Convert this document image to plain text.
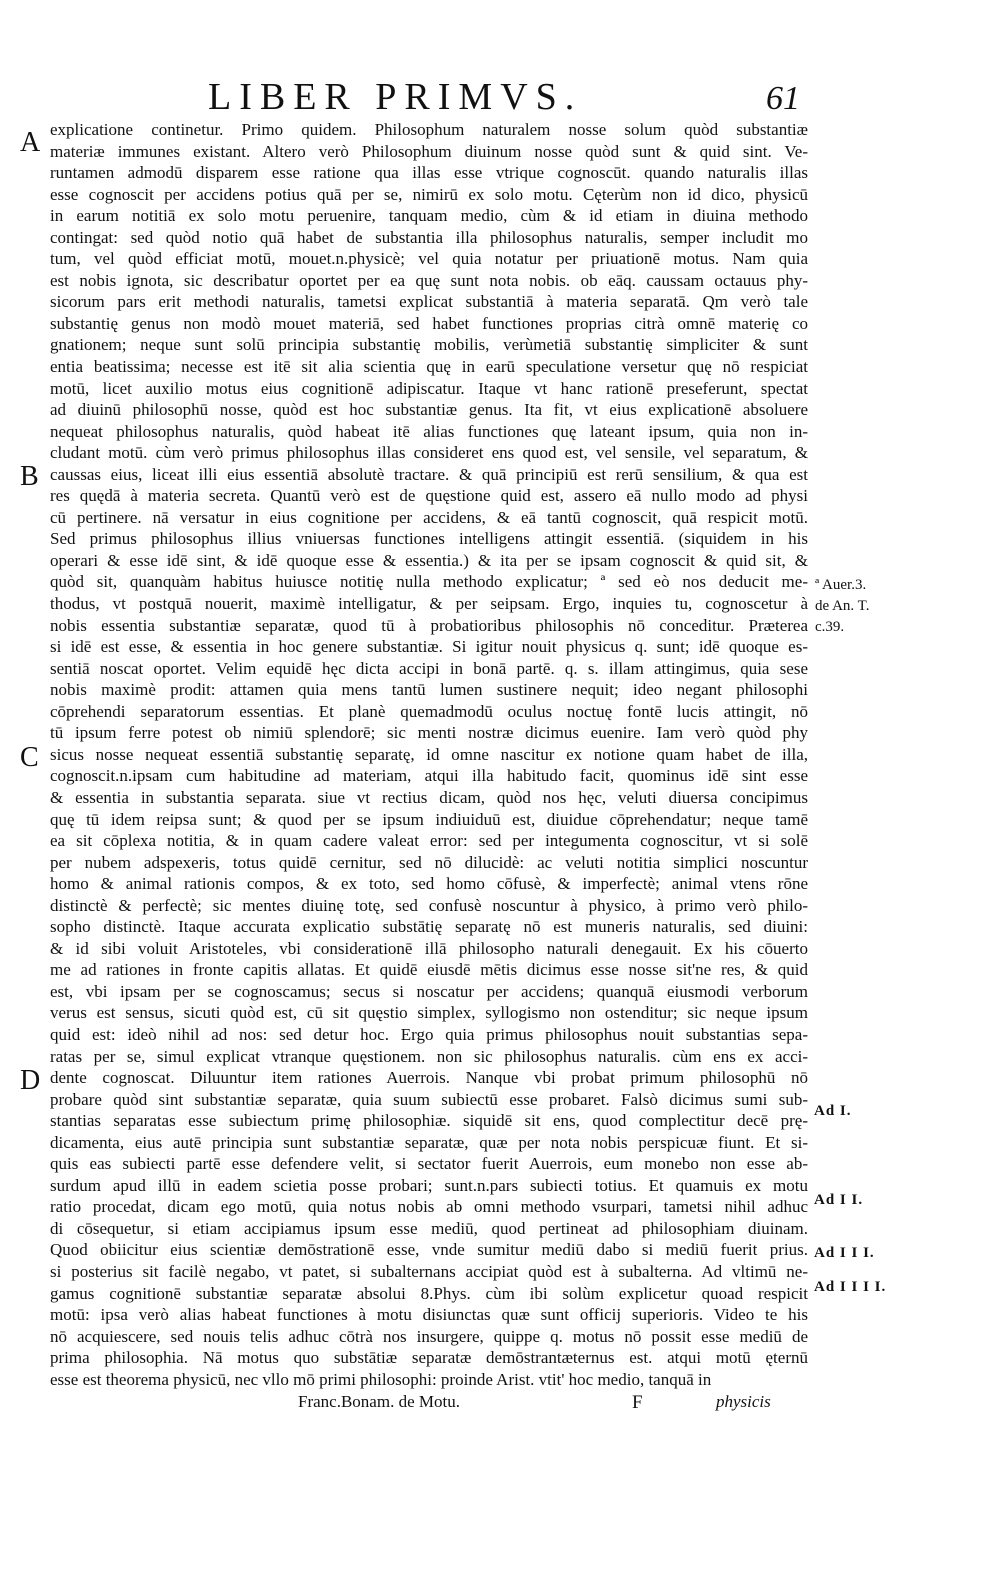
LIBER PRIMVS.	61
A
B
C
D
ª Auer.3.
de An. T.
c.39.
Ad I.
Ad I I.
Ad I I I.
Ad I I I I.
explicatione continetur. Primo quidem. Philosophum naturalem nosse solum quòd substantiæ
materiæ immunes existant. Altero verò Philosophum diuinum nosse quòd sunt & quid sint. Ve-
runtamen admodū disparem esse ratione qua illas esse vtrique cognoscūt. quando naturalis illas
esse cognoscit per accidens potius quā per se, nimirū ex solo motu. Cęterùm non id dico, physicū
in earum notitiā ex solo motu peruenire, tanquam medio, cùm & id etiam in diuina methodo
contingat: sed quòd notio quā habet de substantia illa philosophus naturalis, semper includit mo
tum, vel quòd efficiat motū, mouet.n.physicè; vel quia notatur per priuationē motus. Nam quia
est nobis ignota, sic describatur oportet per ea quę sunt nota nobis. ob eāq. caussam octauus phy-
sicorum pars erit methodi naturalis, tametsi explicat substantiā à materia separatā. Qm verò tale
substantię genus non modò mouet materiā, sed habet functiones proprias citrà omnē materię co
gnationem; neque sunt solū principia substantię mobilis, verùmetiā substantię simpliciter & sunt
entia beatissima; necesse est itē sit alia scientia quę in earū speculatione versetur quę nō respiciat
motū, licet auxilio motus eius cognitionē adipiscatur. Itaque vt hanc rationē preseferunt, spectat
ad diuinū philosophū nosse, quòd est hoc substantiæ genus. Ita fit, vt eius explicationē absoluere
nequeat philosophus naturalis, quòd habeat itē alias functiones quę lateant ipsum, quia non in-
cludant motū. cùm verò primus philosophus illas consideret ens quod est, vel sensile, vel separatum, &
caussas eius, liceat illi eius essentiā absolutè tractare. & quā principiū est rerū sensilium, & qua est
res quędā à materia secreta. Quantū verò est de quęstione quid est, assero eā nullo modo ad physi
cū pertinere. nā versatur in eius cognitione per accidens, & eā tantū cognoscit, quā respicit motū.
Sed primus philosophus illius vniuersas functiones intelligens attingit essentiā. (siquidem in his
operari & esse idē sint, & idē quoque esse & essentia.) & ita per se ipsam cognoscit & quid sit, &
quòd sit, quanquàm habitus huiusce notitię nulla methodo explicatur; ª sed eò nos deducit me-
thodus, vt postquā nouerit, maximè intelligatur, & per seipsam. Ergo, inquies tu, cognoscetur à
nobis essentia substantiæ separatæ, quod tū à probatioribus philosophis nō conceditur. Præterea
si idē est esse, & essentia in hoc genere substantiæ. Si igitur nouit physicus q. sunt; idē quoque es-
sentiā noscat oportet. Velim equidē hęc dicta accipi in bonā partē. q. s. illam attingimus, quia sese
nobis maximè prodit: attamen quia mens tantū lumen sustinere nequit; ideo negant philosophi
cōprehendi separatorum essentias. Et planè quemadmodū oculus noctuę fontē lucis attingit, nō
tū ipsum ferre potest ob nimiū splendorē; sic menti nostræ dicimus euenire. Iam verò quòd phy
sicus nosse nequeat essentiā substantię separatę, id omne nascitur ex notione quam habet de illa,
cognoscit.n.ipsam cum habitudine ad materiam, atqui illa habitudo facit, quominus idē sint esse
& essentia in substantia separata. siue vt rectius dicam, quòd nos hęc, veluti diuersa concipimus
quę tū idem reipsa sunt; & quod per se ipsum indiuiduū est, diuidue cōprehendatur; neque tamē
ea sit cōplexa notitia, & in quam cadere valeat error: sed per integumenta cognoscitur, vt si solē
per nubem adspexeris, totus quidē cernitur, sed nō dilucidè: ac veluti notitia simplici noscuntur
homo & animal rationis compos, & ex toto, sed homo cōfusè, & imperfectè; animal vtens rōne
distinctè & perfectè; sic mentes diuinę totę, sed confusè noscuntur à physico, à primo verò philo-
sopho distinctè. Itaque accurata explicatio substātię separatę nō est muneris naturalis, sed diuini:
& id sibi voluit Aristoteles, vbi considerationē illā philosopho naturali denegauit. Ex his cōuerto
me ad rationes in fronte capitis allatas. Et quidē eiusdē mētis dicimus esse nosse sit'ne res, & quid
est, vbi ipsam per se cognoscamus; secus si noscatur per accidens; quanquā eiusmodi verborum
verus est sensus, sicuti quòd est, cū sit quęstio simplex, syllogismo non ostenditur; sic neque ipsum
quid est: ideò nihil ad nos: sed detur hoc. Ergo quia primus philosophus nouit substantias sepa-
ratas per se, simul explicat vtranque quęstionem. non sic philosophus naturalis. cùm ens ex acci-
dente cognoscat. Diluuntur item rationes Auerrois. Nanque vbi probat primum philosophū nō
probare quòd sint substantiæ separatæ, quia suum subiectū esse probaret. Falsò dicimus sumi sub-
stantias separatas esse subiectum primę philosophiæ. siquidē sit ens, quod complectitur decē prę-
dicamenta, eius autē principia sunt substantiæ separatæ, quæ per nota nobis perspicuæ fiunt. Et si-
quis eas subiecti partē esse defendere velit, si sectator fuerit Auerrois, eum monebo non esse ab-
surdum apud illū in eadem scietia posse probari; sunt.n.pars subiecti totius. Et quamuis ex motu
ratio procedat, dicam ego motū, quia notus nobis ab omni methodo vsurpari, tametsi nihil adhuc
di cōsequetur, si etiam accipiamus ipsum esse mediū, quod pertineat ad philosophiam diuinam.
Quod obiicitur eius scientiæ demōstrationē esse, vnde sumitur mediū dabo si mediū fuerit prius.
si posterius sit facilè negabo, vt patet, si subalternans accipiat quòd est à subalterna. Ad vltimū ne-
gamus cognitionē substantiæ separatæ absolui 8.Phys. cùm ibi solùm explicetur quoad respicit
motū: ipsa verò alias habeat functiones à motu disiunctas quæ sunt officij superioris. Video te his
nō acquiescere, sed nouis telis adhuc cōtrà nos insurgere, quippe q. motus nō possit esse mediū de
prima philosophia. Nā motus quo substātiæ separatæ demōstrantæternus est. atqui motū ęternū
esse est theorema physicū, nec vllo mō primi philosophi: proinde Arist. vtit' hoc medio, tanquā in
Franc.Bonam. de Motu.	F	physicis
